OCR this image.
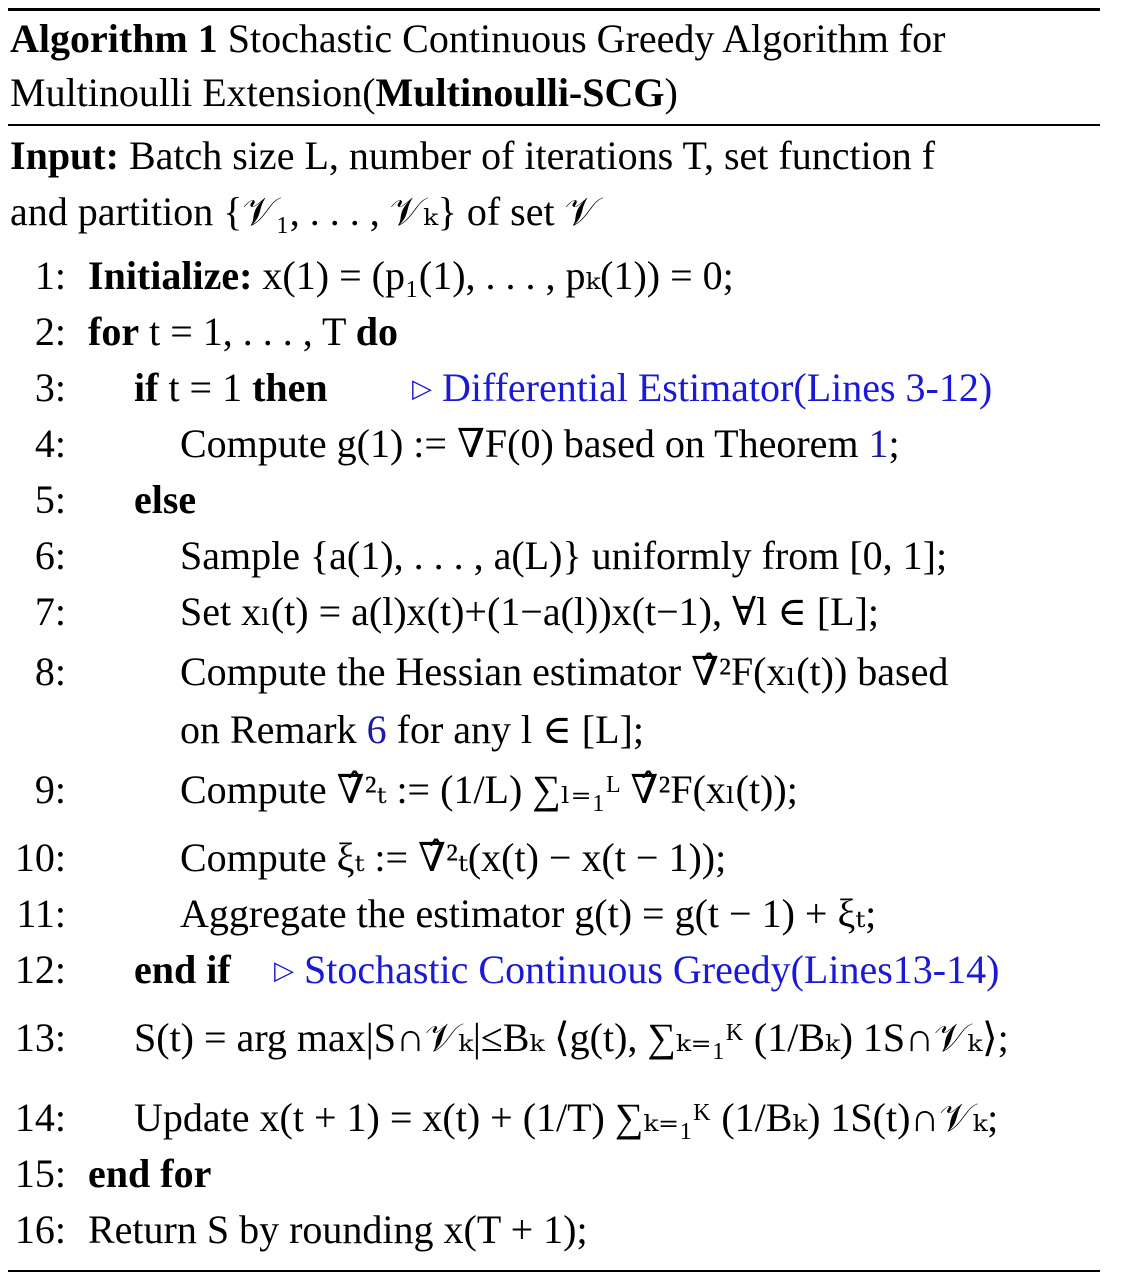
Algorithm 1 Stochastic Continuous Greedy Algorithm for Multinoulli Extension(Multinoulli-SCG)
Input: Batch size L, number of iterations T, set function f
and partition {𝒱₁, . . . , 𝒱ₖ} of set 𝒱
1: Initialize: x(1) = (p₁(1), . . . , pₖ(1)) = 0;
2: for t = 1, . . . , T do
3: if t = 1 then	▷ Differential Estimator(Lines 3-12)
4:	Compute g(1) := ∇F(0) based on Theorem 1;
5: else
6:	Sample {a(1), . . . , a(L)} uniformly from [0, 1];
7:	Set xₗ(t) = a(l)x(t)+(1−a(l))x(t−1), ∀l ∈ [L];
8:	Compute the Hessian estimator ∇̂²F(xₗ(t)) based
on Remark 6 for any l ∈ [L];
9:	Compute ∇̂²ₜ := (1/L) ∑ₗ₌₁ᴸ ∇̂²F(xₗ(t));
10:	Compute ξₜ := ∇̂²ₜ(x(t) − x(t − 1));
11:	Aggregate the estimator g(t) = g(t − 1) + ξₜ;
12: end if ▷ Stochastic Continuous Greedy(Lines13-14)
13: S(t) = arg max|S∩𝒱ₖ|≤Bₖ ⟨g(t), ∑ₖ₌₁ᴷ (1/Bₖ) 1S∩𝒱ₖ⟩;
14: Update x(t + 1) = x(t) + (1/T) ∑ₖ₌₁ᴷ (1/Bₖ) 1S(t)∩𝒱ₖ;
15: end for
16: Return S by rounding x(T + 1);
